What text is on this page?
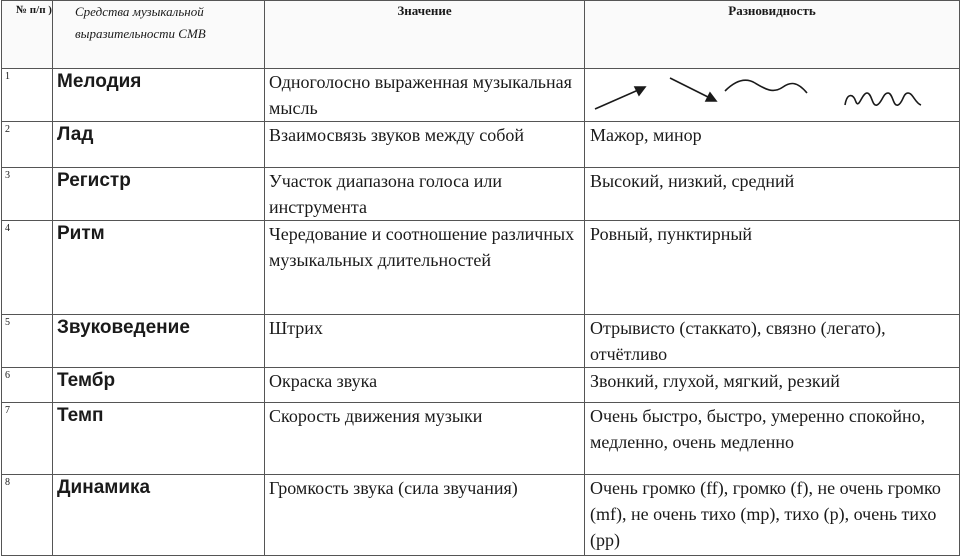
№ п/п )	Средства музыкальной выразительности СМВ	Значение	Разновидность

1	Мелодия	Одноголосно выраженная музыкальная мысль

2	Лад	Взаимосвязь звуков между собой	Мажор, минор

3	Регистр	Участок диапазона голоса или инструмента	Высокий, низкий, средний

4	Ритм	Чередование и соотношение различных музыкальных длительностей	Ровный, пунктирный

5	Звуковедение	Штрих	Отрывисто (стаккато), связно (легато), отчётливо

6	Тембр	Окраска звука	Звонкий, глухой, мягкий, резкий

7	Темп	Скорость движения музыки	Очень быстро, быстро, умеренно спокойно, медленно, очень медленно

8	Динамика	Громкость звука (сила звучания)	Очень громко (ff), громко (f), не очень громко (mf), не очень тихо (mp), тихо (p), очень тихо (pp)
